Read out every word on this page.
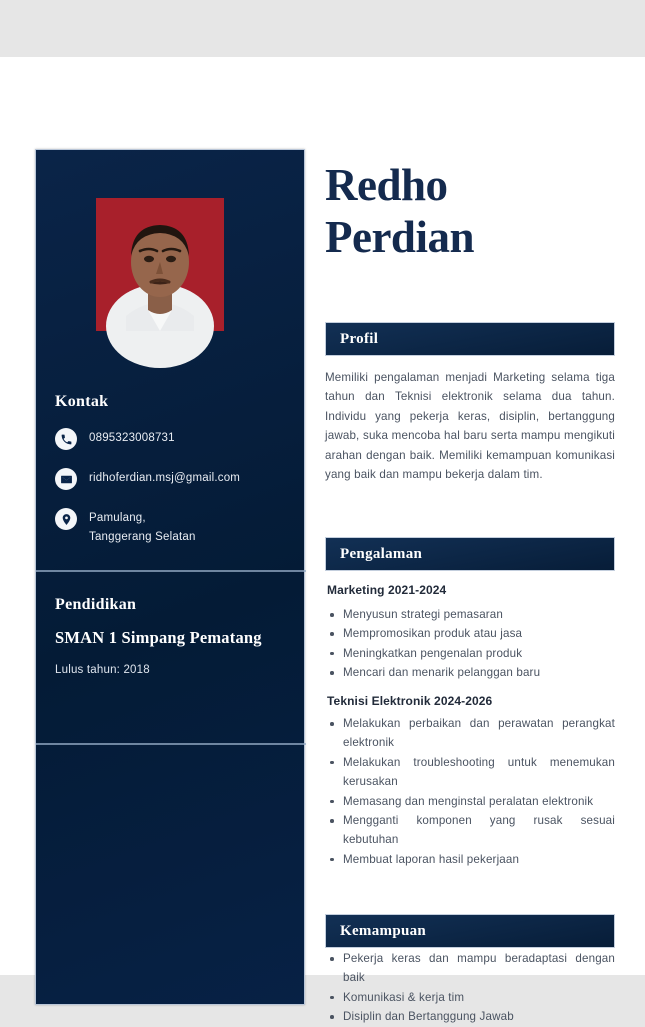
Kontak
0895323008731
ridhoferdian.msj@gmail.com
Pamulang,
Tanggerang Selatan
Pendidikan
SMAN 1 Simpang Pematang
Lulus tahun: 2018
Redho
Perdian
Profil

Memiliki pengalaman menjadi Marketing selama tiga tahun dan Teknisi elektronik selama dua tahun. Individu yang pekerja keras, disiplin, bertanggung jawab, suka mencoba hal baru serta mampu mengikuti arahan dengan baik. Memiliki kemampuan komunikasi yang baik dan mampu bekerja dalam tim.

Pengalaman
Marketing 2021-2024
Menyusun strategi pemasaran
Mempromosikan produk atau jasa
Meningkatkan pengenalan produk
Mencari dan menarik pelanggan baru
Teknisi Elektronik 2024-2026
Melakukan perbaikan dan perawatan perangkat elektronik
Melakukan troubleshooting untuk menemukan kerusakan
Memasang dan menginstal peralatan elektronik
Mengganti komponen yang rusak sesuai kebutuhan
Membuat laporan hasil pekerjaan
Kemampuan
Pekerja keras dan mampu beradaptasi dengan baik
Komunikasi & kerja tim
Disiplin dan Bertanggung Jawab
